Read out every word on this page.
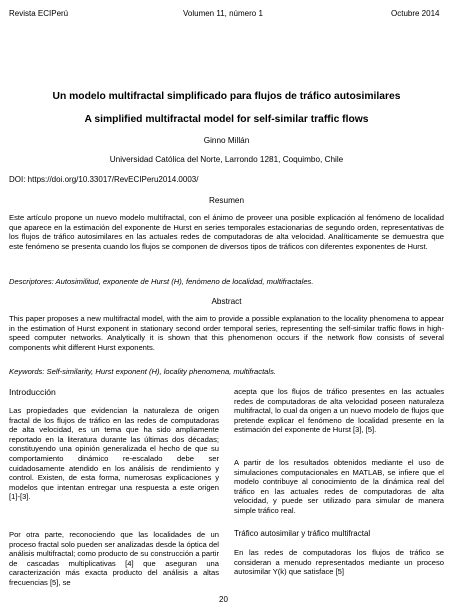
Revista ECIPerú	Volumen 11, número 1	Octubre 2014
Un modelo multifractal simplificado para flujos de tráfico autosimilares
A simplified multifractal model for self-similar traffic flows
Ginno Millán
Universidad Católica del Norte, Larrondo 1281, Coquimbo, Chile
DOI: https://doi.org/10.33017/RevECIPeru2014.0003/
Resumen
Este artículo propone un nuevo modelo multifractal, con el ánimo de proveer una posible explicación al fenómeno de localidad que aparece en la estimación del exponente de Hurst en series temporales estacionarias de segundo orden, representativas de los flujos de tráfico autosimilares en las actuales redes de computadoras de alta velocidad. Analíticamente se demuestra que este fenómeno se presenta cuando los flujos se componen de diversos tipos de tráficos con diferentes exponentes de Hurst.
Descriptores: Autosimilitud, exponente de Hurst (H), fenómeno de localidad, multifractales.
Abstract
This paper proposes a new multifractal model, with the aim to provide a possible explanation to the locality phenomena to appear in the estimation of Hurst exponent in stationary second order temporal series, representing the self-similar traffic flows in high-speed computer networks. Analytically it is shown that this phenomenon occurs if the network flow consists of several components whit different Hurst exponents.
Keywords: Self-similarity, Hurst exponent (H), locality phenomena, multifractals.
Introducción
Las propiedades que evidencian la naturaleza de origen fractal de los flujos de tráfico en las redes de computadoras de alta velocidad, es un tema que ha sido ampliamente reportado en la literatura durante las últimas dos décadas; constituyendo una opinión generalizada el hecho de que su comportamiento dinámico re-escalado debe ser cuidadosamente atendido en los análisis de rendimiento y control. Existen, de esta forma, numerosas explicaciones y modelos que intentan entregar una respuesta a este origen [1]-[3].
Por otra parte, reconociendo que las localidades de un proceso fractal solo pueden ser analizadas desde la óptica del análisis multifractal; como producto de su construcción a partir de cascadas multiplicativas [4] que aseguran una caracterización más exacta producto del análisis a altas frecuencias [5], se
acepta que los flujos de tráfico presentes en las actuales redes de computadoras de alta velocidad poseen naturaleza multifractal, lo cual da origen a un nuevo modelo de flujos que pretende explicar el fenómeno de localidad presente en la estimación del exponente de Hurst [3], [5].
A partir de los resultados obtenidos mediante el uso de simulaciones computacionales en MATLAB, se infiere que el modelo contribuye al conocimiento de la dinámica real del tráfico en las actuales redes de computadoras de alta velocidad, y puede ser utilizado para simular de manera simple tráfico real.
Tráfico autosimilar y tráfico multifractal
En las redes de computadoras los flujos de tráfico se consideran a menudo representados mediante un proceso autosimilar Y(k) que satisface [5]
20
